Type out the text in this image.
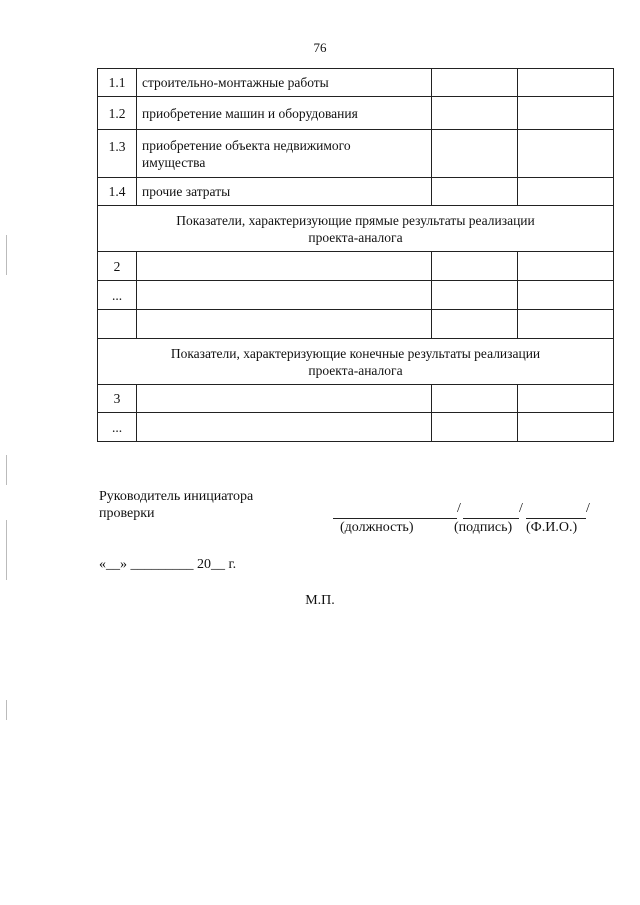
76
1.1	строительно-монтажные работы		
1.2	приобретение машин и оборудования		
1.3	приобретение объекта недвижимого
имущества		

1.4	прочие затраты		

Показатели, характеризующие прямые результаты реализации
проекта-аналога			

2			
...			

Показатели, характеризующие конечные результаты реализации
проекта-аналога			

3			
...			
Руководитель инициатора
проверки	/	/	/
(должность)	(подпись) (Ф.И.О.)
«__» _________ 20__ г.
М.П.
